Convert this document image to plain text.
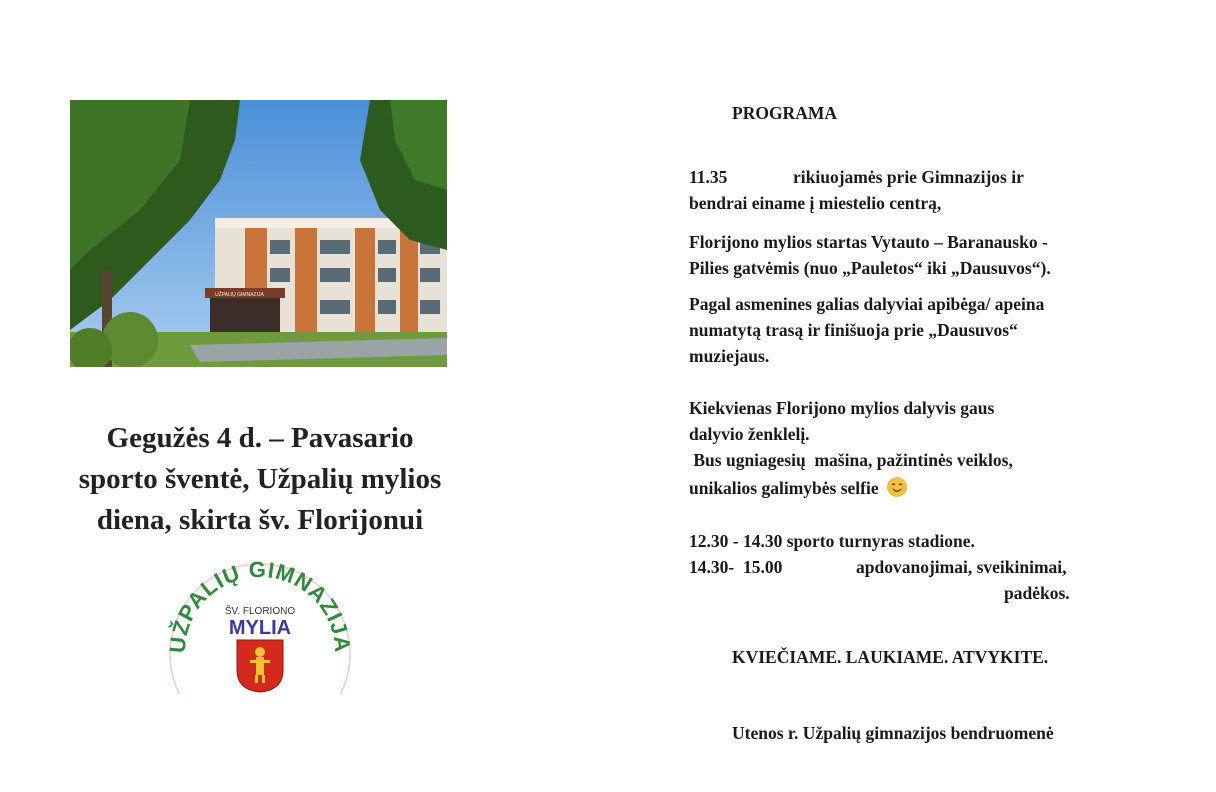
UŽPALIŲ GIMNAZIJA
Gegužės 4 d. – Pavasario
sporto šventė, Užpalių mylios
diena, skirta šv. Florijonui
UŽPALIŲ GIMNAZIJA
ŠV. FLORIONO
MYLIA
PROGRAMA
11.35	rikiuojamės prie Gimnazijos ir
bendrai einame į miestelio centrą,
Florijono mylios startas Vytauto – Baranausko -
Pilies gatvėmis (nuo „Pauletos“ iki „Dausuvos“).
Pagal asmenines galias dalyviai apibėga/ apeina
numatytą trasą ir finišuoja prie „Dausuvos“
muziejaus.
Kiekvienas Florijono mylios dalyvis gaus
dalyvio ženklelį.
Bus ugniagesių  mašina, pažintinės veiklos,
unikalios galimybės selfie
12.30 - 14.30 sporto turnyras stadione.
14.30-  15.00	apdovanojimai, sveikinimai,
padėkos.
KVIEČIAME. LAUKIAME. ATVYKITE.
Utenos r. Užpalių gimnazijos bendruomenė
